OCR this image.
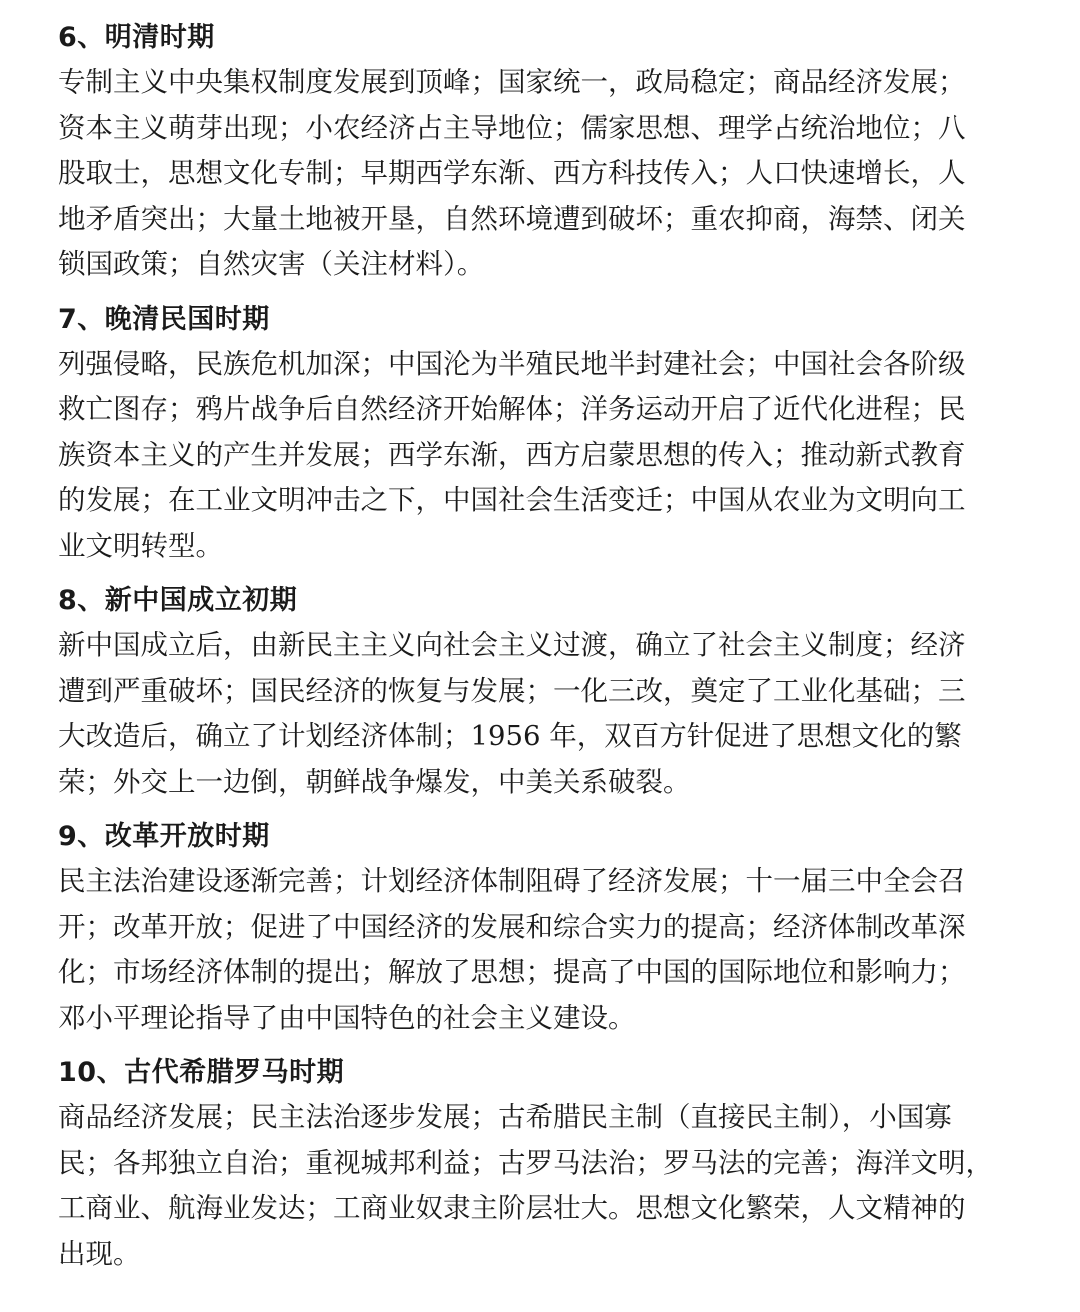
6、明清时期
专制主义中央集权制度发展到顶峰；国家统一，政局稳定；商品经济发展；
资本主义萌芽出现；小农经济占主导地位；儒家思想、理学占统治地位；八
股取士，思想文化专制；早期西学东渐、西方科技传入；人口快速增长，人
地矛盾突出；大量土地被开垦，自然环境遭到破坏；重农抑商，海禁、闭关
锁国政策；自然灾害（关注材料）。
7、晚清民国时期
列强侵略，民族危机加深；中国沦为半殖民地半封建社会；中国社会各阶级
救亡图存；鸦片战争后自然经济开始解体；洋务运动开启了近代化进程；民
族资本主义的产生并发展；西学东渐，西方启蒙思想的传入；推动新式教育
的发展；在工业文明冲击之下，中国社会生活变迁；中国从农业为文明向工
业文明转型。
8、新中国成立初期
新中国成立后，由新民主主义向社会主义过渡，确立了社会主义制度；经济
遭到严重破坏；国民经济的恢复与发展；一化三改，奠定了工业化基础；三
大改造后，确立了计划经济体制；1956 年，双百方针促进了思想文化的繁
荣；外交上一边倒，朝鲜战争爆发，中美关系破裂。
9、改革开放时期
民主法治建设逐渐完善；计划经济体制阻碍了经济发展；十一届三中全会召
开；改革开放；促进了中国经济的发展和综合实力的提高；经济体制改革深
化；市场经济体制的提出；解放了思想；提高了中国的国际地位和影响力；
邓小平理论指导了由中国特色的社会主义建设。
10、古代希腊罗马时期
商品经济发展；民主法治逐步发展；古希腊民主制（直接民主制），小国寡
民；各邦独立自治；重视城邦利益；古罗马法治；罗马法的完善；海洋文明，
工商业、航海业发达；工商业奴隶主阶层壮大。思想文化繁荣，人文精神的
出现。
